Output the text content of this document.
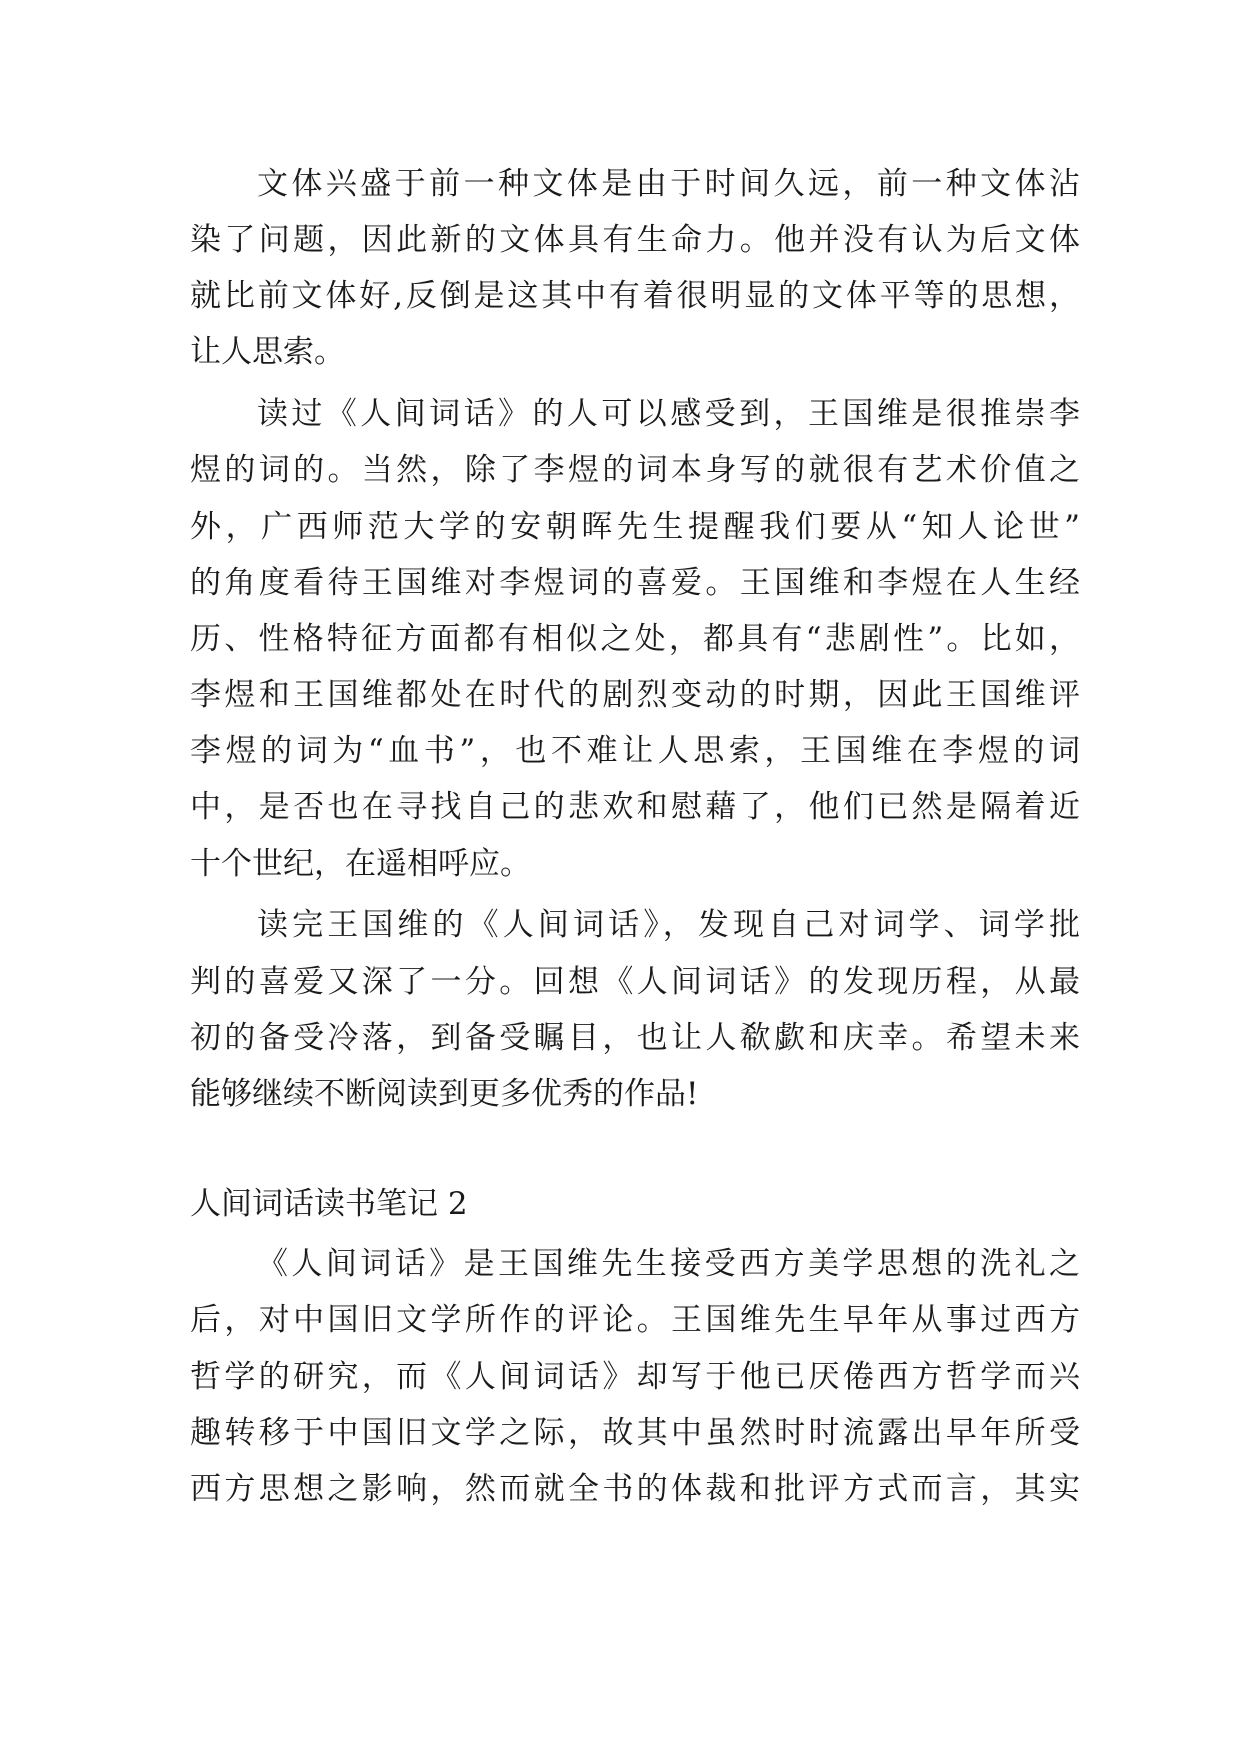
文体兴盛于前一种文体是由于时间久远，前一种文体沾
染了问题，因此新的文体具有生命力。他并没有认为后文体
就比前文体好,反倒是这其中有着很明显的文体平等的思想，
让人思索。
读过《人间词话》的人可以感受到，王国维是很推崇李
煜的词的。当然，除了李煜的词本身写的就很有艺术价值之
外，广西师范大学的安朝晖先生提醒我们要从“知人论世”
的角度看待王国维对李煜词的喜爱。王国维和李煜在人生经
历、性格特征方面都有相似之处，都具有“悲剧性”。比如，
李煜和王国维都处在时代的剧烈变动的时期，因此王国维评
李煜的词为“血书”，也不难让人思索，王国维在李煜的词
中，是否也在寻找自己的悲欢和慰藉了，他们已然是隔着近
十个世纪，在遥相呼应。
读完王国维的《人间词话》，发现自己对词学、词学批
判的喜爱又深了一分。回想《人间词话》的发现历程，从最
初的备受冷落，到备受瞩目，也让人欷歔和庆幸。希望未来
能够继续不断阅读到更多优秀的作品!
人间词话读书笔记 2
《人间词话》是王国维先生接受西方美学思想的洗礼之
后，对中国旧文学所作的评论。王国维先生早年从事过西方
哲学的研究，而《人间词话》却写于他已厌倦西方哲学而兴
趣转移于中国旧文学之际，故其中虽然时时流露出早年所受
西方思想之影响，然而就全书的体裁和批评方式而言，其实
